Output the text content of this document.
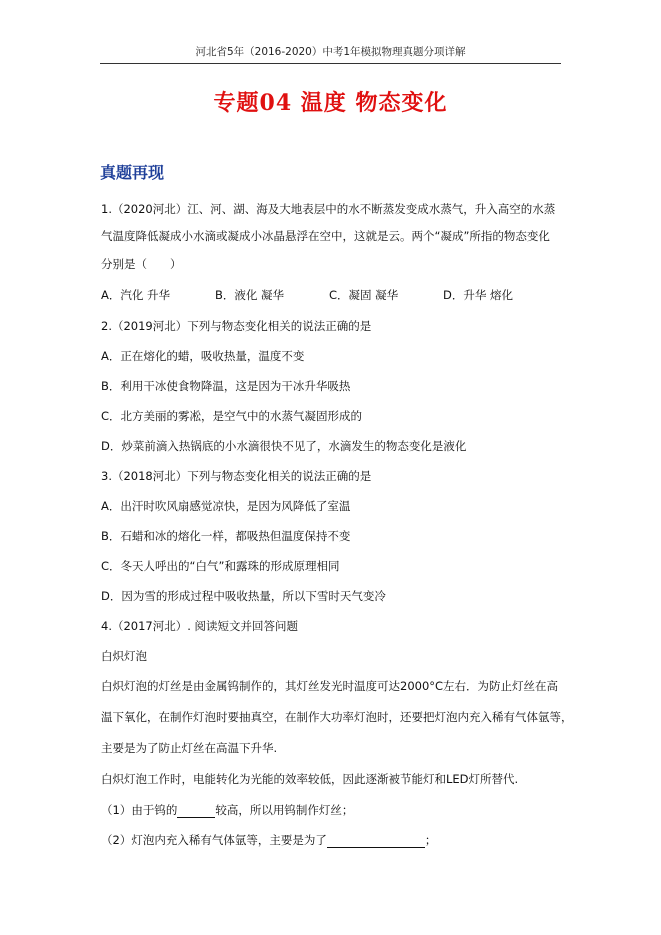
河北省5年（2016-2020）中考1年模拟物理真题分项详解
专题04 温度 物态变化
真题再现
1.（2020河北）江、河、湖、海及大地表层中的水不断蒸发变成水蒸气，升入高空的水蒸
气温度降低凝成小水滴或凝成小冰晶悬浮在空中，这就是云。两个“凝成”所指的物态变化
分别是（　　）
A．汽化 升华	B．液化 凝华	C．凝固 凝华	D．升华 熔化
2.（2019河北）下列与物态变化相关的说法正确的是
A．正在熔化的蜡，吸收热量，温度不变
B．利用干冰使食物降温，这是因为干冰升华吸热
C．北方美丽的雾凇，是空气中的水蒸气凝固形成的
D．炒菜前滴入热锅底的小水滴很快不见了，水滴发生的物态变化是液化
3.（2018河北）下列与物态变化相关的说法正确的是
A．出汗时吹风扇感觉凉快，是因为风降低了室温
B．石蜡和冰的熔化一样，都吸热但温度保持不变
C．冬天人呼出的“白气”和露珠的形成原理相同
D．因为雪的形成过程中吸收热量，所以下雪时天气变冷
4.（2017河北）. 阅读短文并回答问题
白炽灯泡
白炽灯泡的灯丝是由金属钨制作的，其灯丝发光时温度可达2000°C左右．为防止灯丝在高
温下氧化，在制作灯泡时要抽真空，在制作大功率灯泡时，还要把灯泡内充入稀有气体氩等，
主要是为了防止灯丝在高温下升华.
白炽灯泡工作时，电能转化为光能的效率较低，因此逐渐被节能灯和LED灯所替代.
（1）由于钨的	较高，所以用钨制作灯丝；
（2）灯泡内充入稀有气体氩等，主要是为了	；
